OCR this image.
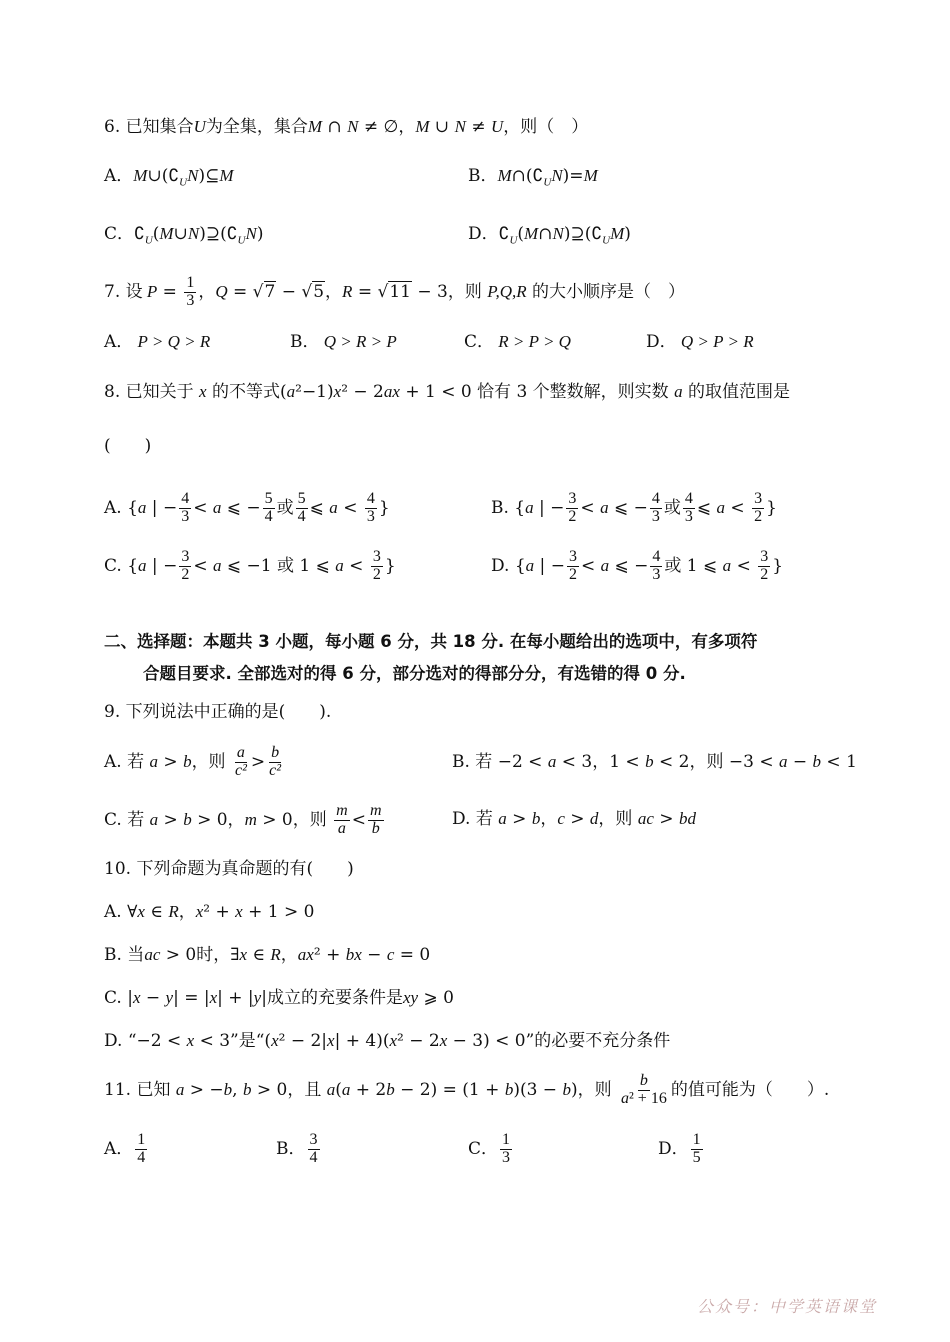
6. 已知集合U为全集，集合M ∩ N ≠ ∅，M ∪ N ≠ U，则（　）
A．$M\cup(∁_UN)⊆M$	B．$M\cap(∁_UN)=M$
C．$∁_U(M\cup N)⊇(∁_UN)$	D．$∁_U(M\cap N)⊇(∁_UM)$
7. 设 $P = \frac{1}{3}$ ，Q = √7 − √5，R = √11 − 3，则 P,Q,R 的大小顺序是（　）
A． P > Q > R	B． Q > R > P	C． R > P > Q	D． Q > P > R
8. 已知关于 x 的不等式(a²−1)x² − 2ax + 1 < 0 恰有 3 个整数解，则实数 a 的取值范围是
(　　)
A. {a | − $\frac{4}{3} < a$ ⩽ − $\frac{5}{4}$ 或 $\frac{5}{4}$ ⩽ $a < \frac{4}{3}$ }	B. {a | − $\frac{3}{2} < a$ ⩽ − $\frac{4}{3}$ 或 $\frac{4}{3}$ ⩽ $a < \frac{3}{2}$ }
C. {a | − $\frac{3}{2} < a$ ⩽ −1 或 1 ⩽ $a < \frac{3}{2}$ }	D. {a | − $\frac{3}{2} < a$ ⩽ − $\frac{4}{3}$ 或 1 ⩽ $a < \frac{3}{2}$ }
二、选择题：本题共 3 小题，每小题 6 分，共 18 分. 在每小题给出的选项中，有多项符
合题目要求. 全部选对的得 6 分，部分选对的得部分分，有选错的得 0 分.
9. 下列说法中正确的是(　　).
A. 若 a > b，则 $\frac{a}{\text{c²}} > \frac{b}{\text{c²}}$	B. 若 −2 < a < 3，1 < b < 2，则 −3 < a − b < 1
C. 若 a > b > 0，m > 0，则 $\frac{m}{a} < \frac{m}{b}$	D. 若 a > b，c > d，则 ac > bd
10. 下列命题为真命题的有(　　)
A. ∀x ∈ R，x² + x + 1 > 0
B. 当ac > 0时，∃x ∈ R，ax² + bx − c = 0
C. |x − y| = |x| + |y|成立的充要条件是xy ⩾ 0
D. “−2 < x < 3”是“(x² − 2|x| + 4)(x² − 2x − 3) < 0”的必要不充分条件
11. 已知 a > −b, b > 0，且 a(a + 2b − 2) = (1 + b)(3 − b)，则 $\frac{b}{\text{a² + 16}}$ 的值可能为（　　）.
A． $\frac{1}{4}$	B． $\frac{3}{4}$	C． $\frac{1}{3}$	D． $\frac{1}{5}$
公众号：中学英语课堂
